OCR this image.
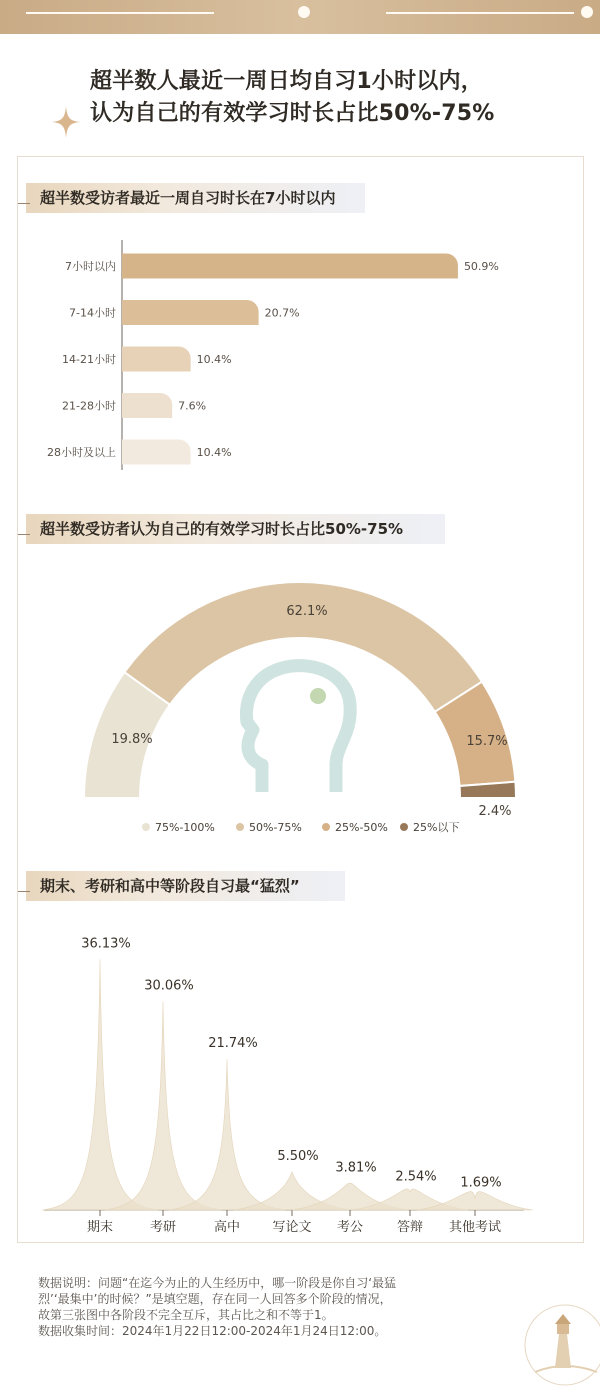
超半数人最近一周日均自习1小时以内，
认为自己的有效学习时长占比50%-75%
超半数受访者最近一周自习时长在7小时以内
超半数受访者认为自己的有效学习时长占比50%-75%
期末、考研和高中等阶段自习最“猛烈”
7小时以内	50.9%
7-14小时	20.7%
14-21小时	10.4%
21-28小时	7.6%
28小时及以上	10.4%
19.8%
62.1%
15.7%
2.4%
75%-100%	50%-75%	25%-50% 25%以下
期末
36.13%
考研
30.06%
高中
21.74%
写论文
5.50%
考公
3.81%
答辩
2.54%
其他考试
1.69%
数据说明：问题“在迄今为止的人生经历中，哪一阶段是你自习‘最猛
烈’‘最集中’的时候？”是填空题，存在同一人回答多个阶段的情况，
故第三张图中各阶段不完全互斥，其占比之和不等于1。
数据收集时间：2024年1月22日12:00-2024年1月24日12:00。
